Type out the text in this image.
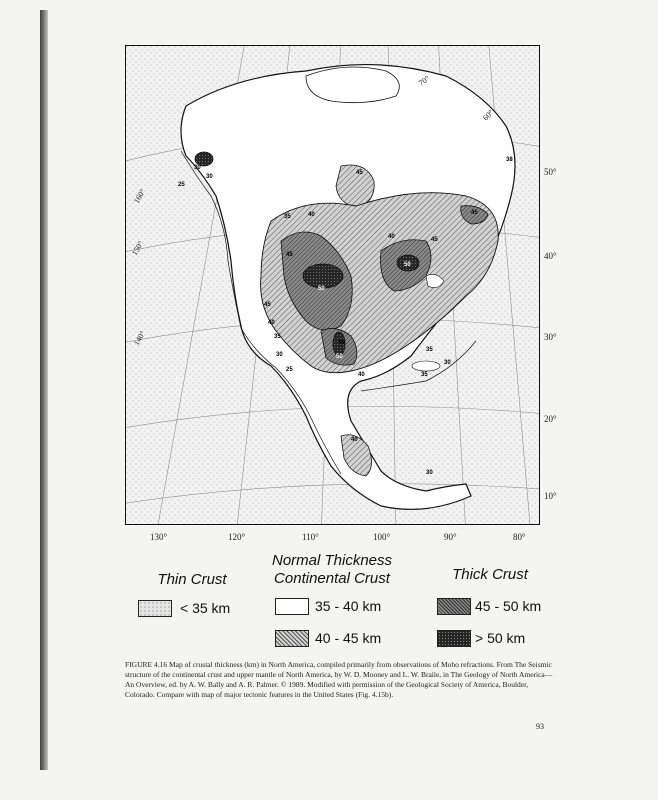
25
30
35	40
45
50
45
40
35
30
25
45
50
45
40
45
50
35
30
40
30
35
40
38
45
30
70°
60°
160°
150°
140°
130°	120°	110°	100°	90°	80°
50°
40°
30°
20°
10°
Thin Crust
Normal Thickness
Continental Crust	Thick Crust
< 35 km	35 - 40 km
40 - 45 km
45 - 50 km
> 50 km
FIGURE 4.16 Map of crustal thickness (km) in North America, compiled primarily from observations of Moho refractions. From The Seismic structure of the continental crust and upper mantle of North America, by W. D. Mooney and L. W. Braile, in The Geology of North America—An Overview, ed. by A. W. Bally and A. R. Palmer. © 1989. Modified with permission of the Geological Society of America, Boulder, Colorado. Compare with map of major tectonic features in the United States (Fig. 4.15b).
93
